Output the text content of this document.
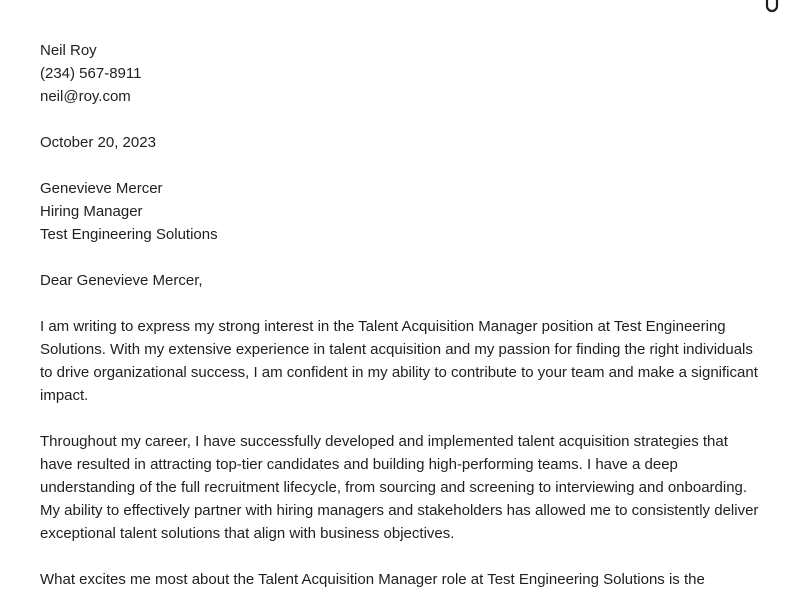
Neil Roy
(234) 567-8911
neil@roy.com
October 20, 2023
Genevieve Mercer
Hiring Manager
Test Engineering Solutions
Dear Genevieve Mercer,

I am writing to express my strong interest in the Talent Acquisition Manager position at Test Engineering Solutions. With my extensive experience in talent acquisition and my passion for finding the right individuals to drive organizational success, I am confident in my ability to contribute to your team and make a significant impact.

Throughout my career, I have successfully developed and implemented talent acquisition strategies that have resulted in attracting top-tier candidates and building high-performing teams. I have a deep understanding of the full recruitment lifecycle, from sourcing and screening to interviewing and onboarding. My ability to effectively partner with hiring managers and stakeholders has allowed me to consistently deliver exceptional talent solutions that align with business objectives.

What excites me most about the Talent Acquisition Manager role at Test Engineering Solutions is the
